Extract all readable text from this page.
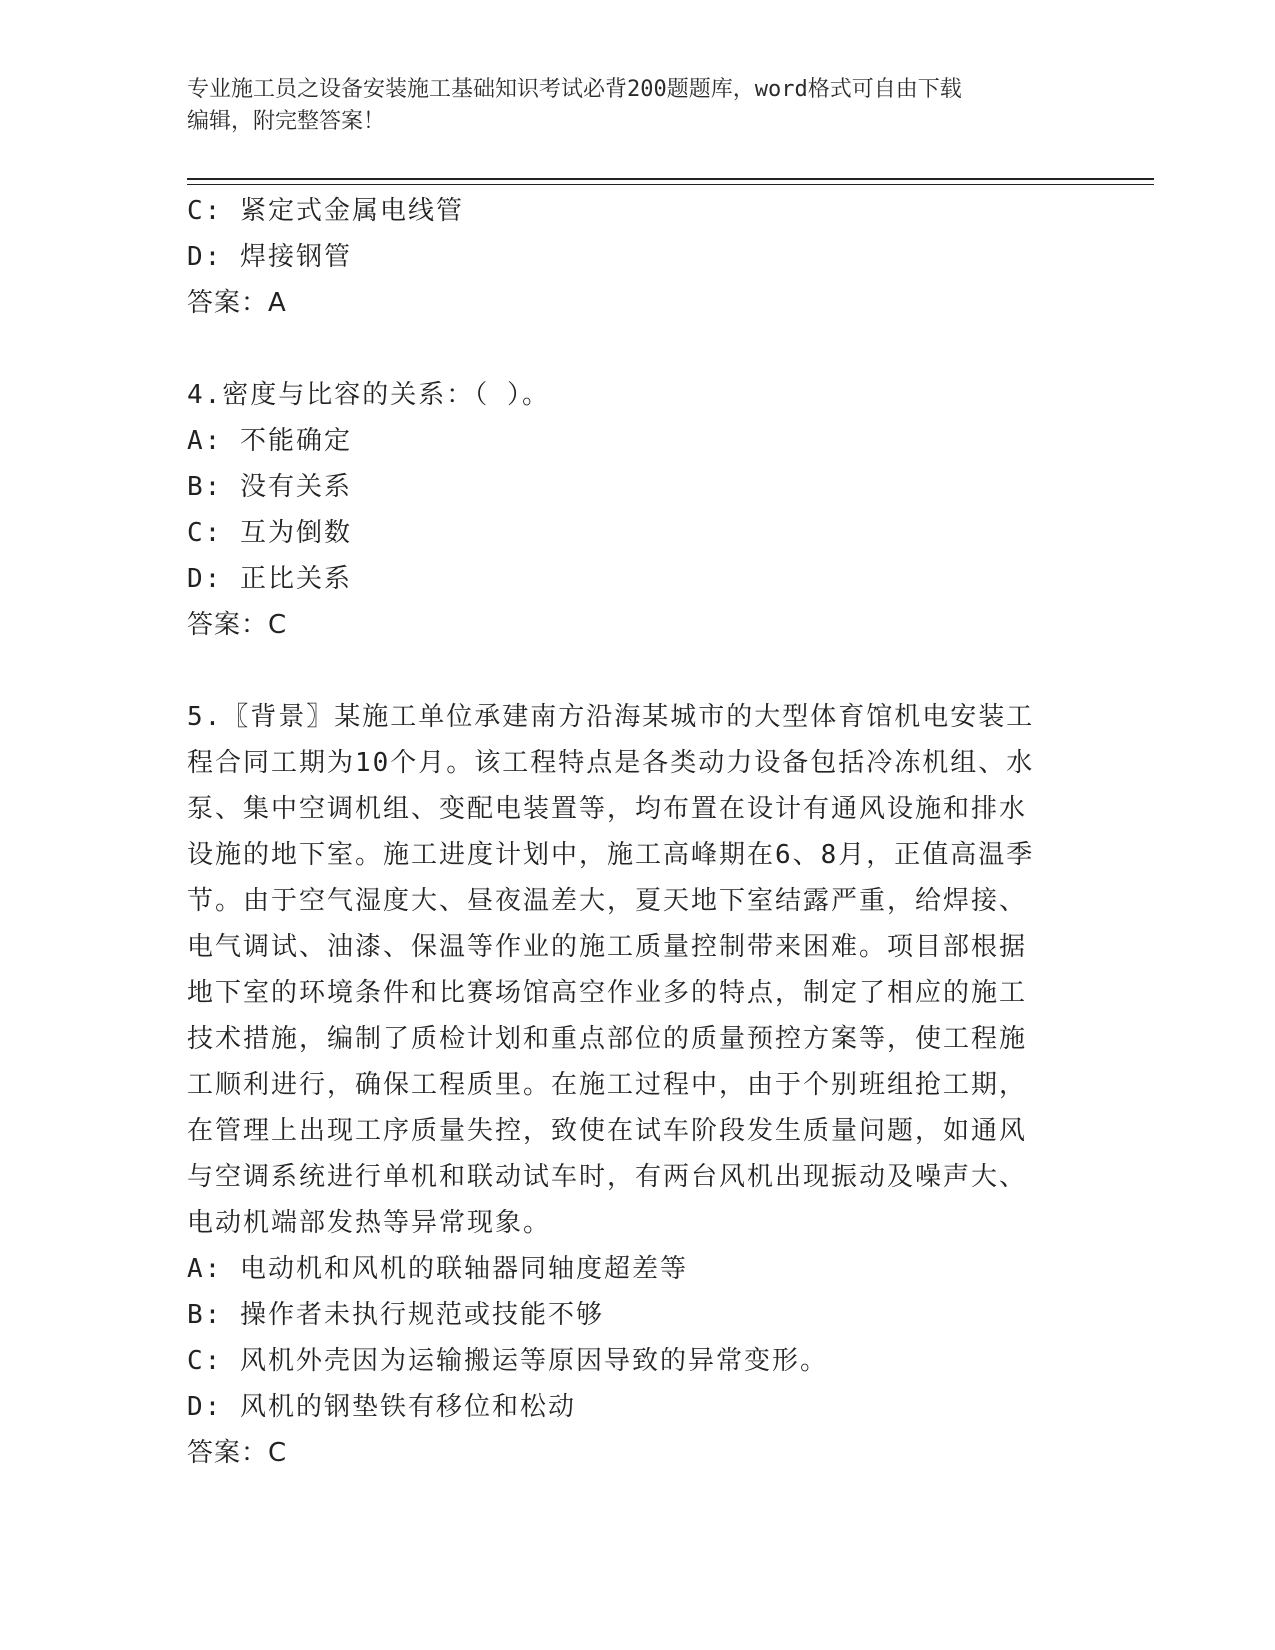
专业施工员之设备安装施工基础知识考试必背200题题库，word格式可自由下载
编辑，附完整答案！
C: 紧定式金属电线管
D: 焊接钢管
答案：A
4.密度与比容的关系：（ ）。
A: 不能确定
B: 没有关系
C: 互为倒数
D: 正比关系
答案：C
5.〖背景〗某施工单位承建南方沿海某城市的大型体育馆机电安装工
程合同工期为10个月。该工程特点是各类动力设备包括冷冻机组、水
泵、集中空调机组、变配电装置等，均布置在设计有通风设施和排水
设施的地下室。施工进度计划中，施工高峰期在6、8月，正值高温季
节。由于空气湿度大、昼夜温差大，夏天地下室结露严重，给焊接、
电气调试、油漆、保温等作业的施工质量控制带来困难。项目部根据
地下室的环境条件和比赛场馆高空作业多的特点，制定了相应的施工
技术措施，编制了质检计划和重点部位的质量预控方案等，使工程施
工顺利进行，确保工程质里。在施工过程中，由于个别班组抢工期，
在管理上出现工序质量失控，致使在试车阶段发生质量问题，如通风
与空调系统进行单机和联动试车时，有两台风机出现振动及噪声大、
电动机端部发热等异常现象。
A: 电动机和风机的联轴器同轴度超差等
B: 操作者未执行规范或技能不够
C: 风机外壳因为运输搬运等原因导致的异常变形。
D: 风机的钢垫铁有移位和松动
答案：C
